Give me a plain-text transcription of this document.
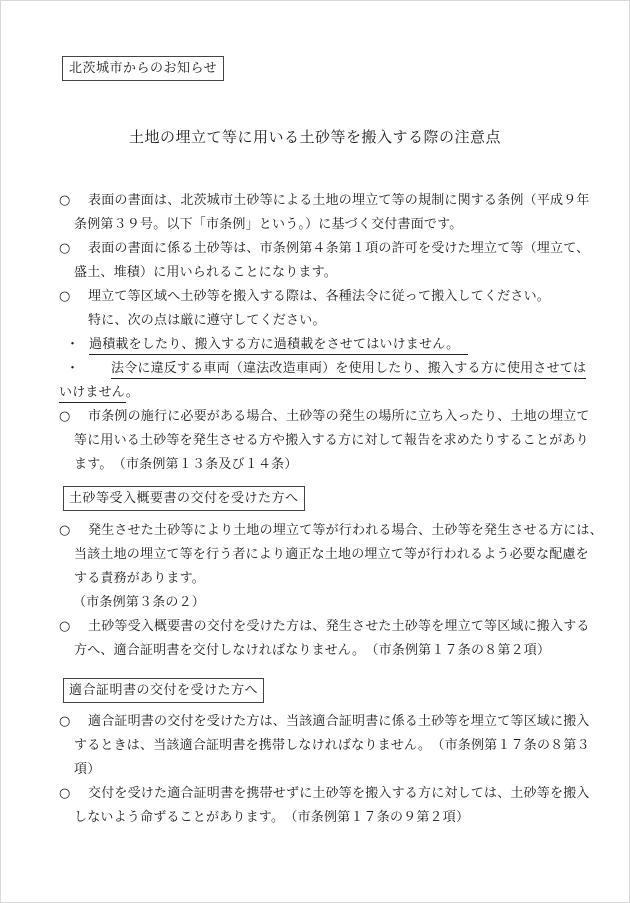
北茨城市からのお知らせ
土地の埋立て等に用いる土砂等を搬入する際の注意点
○ 表面の書面は、北茨城市土砂等による土地の埋立て等の規制に関する条例（平成９年
条例第３９号。以下「市条例」という。）に基づく交付書面です。
○ 表面の書面に係る土砂等は、市条例第４条第１項の許可を受けた埋立て等（埋立て、
盛土、堆積）に用いられることになります。
○ 埋立て等区域へ土砂等を搬入する際は、各種法令に従って搬入してください。
特に、次の点は厳に遵守してください。
・ 過積載をしたり、搬入する方に過積載をさせてはいけません。
・ 法令に違反する車両（違法改造車両）を使用したり、搬入する方に使用させては
いけません。
○ 市条例の施行に必要がある場合、土砂等の発生の場所に立ち入ったり、土地の埋立て
等に用いる土砂等を発生させる方や搬入する方に対して報告を求めたりすることがあり
ます。　（市条例第１３条及び１４条）
土砂等受入概要書の交付を受けた方へ
○ 発生させた土砂等により土地の埋立て等が行われる場合、土砂等を発生させる方には、
当該土地の埋立て等を行う者により適正な土地の埋立て等が行われるよう必要な配慮を
する責務があります。
（市条例第３条の２）
○ 土砂等受入概要書の交付を受けた方は、発生させた土砂等を埋立て等区域に搬入する
方へ、適合証明書を交付しなければなりません。　（市条例第１７条の８第２項）
適合証明書の交付を受けた方へ
○ 適合証明書の交付を受けた方は、当該適合証明書に係る土砂等を埋立て等区域に搬入
するときは、当該適合証明書を携帯しなければなりません。　（市条例第１７条の８第３
項）
○ 交付を受けた適合証明書を携帯せずに土砂等を搬入する方に対しては、土砂等を搬入
しないよう命ずることがあります。　（市条例第１７条の９第２項）
